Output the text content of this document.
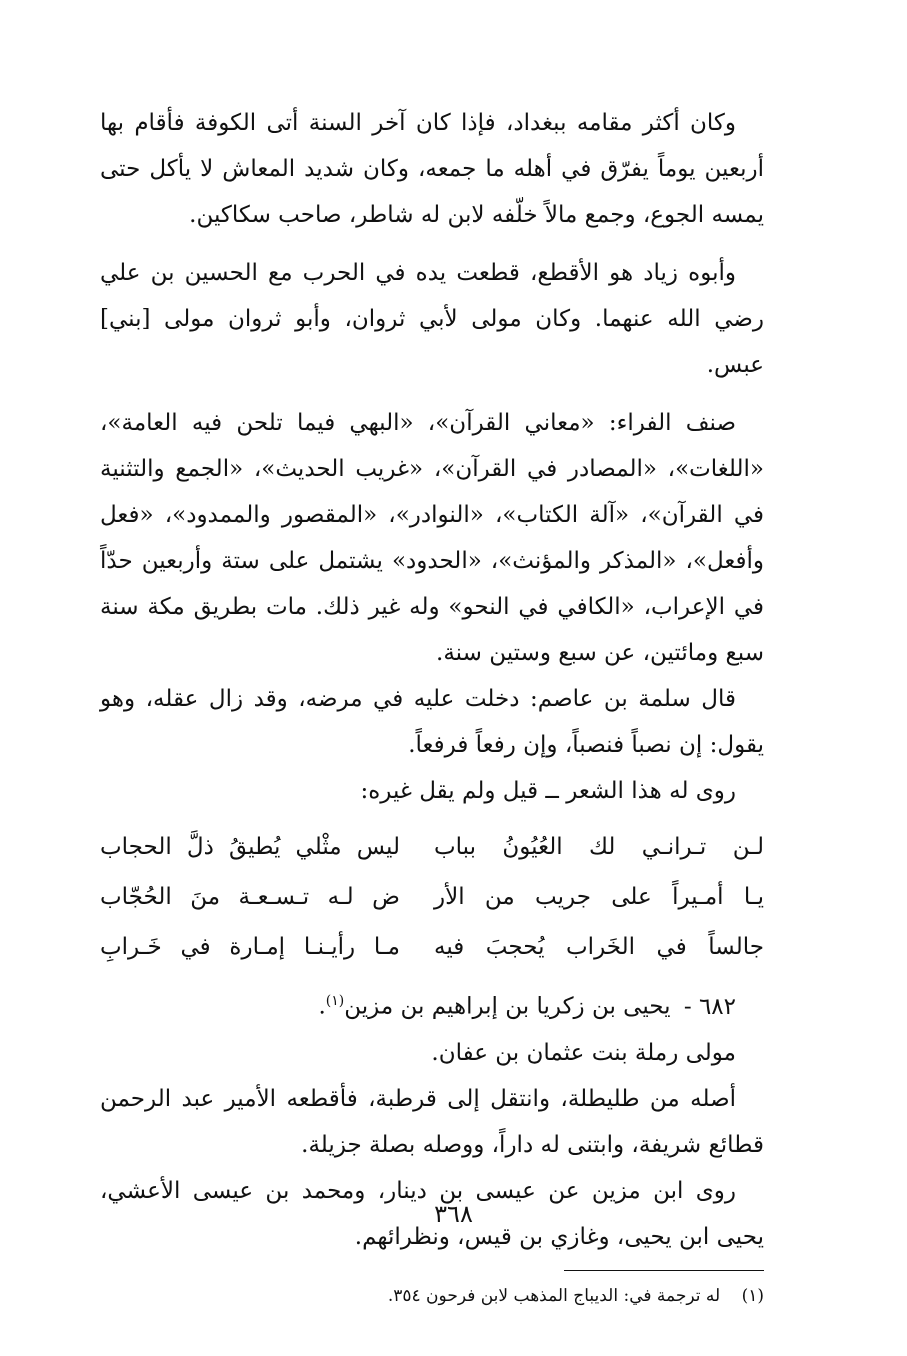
وكان أكثر مقامه ببغداد، فإذا كان آخر السنة أتى الكوفة فأقام بها أربعين يوماً يفرّق في أهله ما جمعه، وكان شديد المعاش لا يأكل حتى يمسه الجوع، وجمع مالاً خلّفه لابن له شاطر، صاحب سكاكين.

وأبوه زياد هو الأقطع، قطعت يده في الحرب مع الحسين بن علي رضي الله عنهما. وكان مولى لأبي ثروان، وأبو ثروان مولى [بني] عبس.

صنف الفراء: «معاني القرآن»، «البهي فيما تلحن فيه العامة»، «اللغات»، «المصادر في القرآن»، «غريب الحديث»، «الجمع والتثنية في القرآن»، «آلة الكتاب»، «النوادر»، «المقصور والممدود»، «فعل وأفعل»، «المذكر والمؤنث»، «الحدود» يشتمل على ستة وأربعين حدّاً في الإعراب، «الكافي في النحو» وله غير ذلك. مات بطريق مكة سنة سبع ومائتين، عن سبع وستين سنة.

قال سلمة بن عاصم: دخلت عليه في مرضه، وقد زال عقله، وهو يقول: إن نصباً فنصباً، وإن رفعاً فرفعاً.

روى له هذا الشعر ــ قيل ولم يقل غيره:

لـن تـرانـي لك العُيُونُ بباب
ليس مثْلي يُطيقُ ذلَّ الحجاب
يـا أمـيراً على جريب من الأر
ض لـه تـسـعـة منَ الحُجّاب
جالساً في الخَراب يُحجبَ فيه
مـا رأيـنـا إمـارة في خَـرابِ
٦٨٢ - يحيى بن زكريا بن إبراهيم بن مزين$^{(١)}$.

مولى رملة بنت عثمان بن عفان.

أصله من طليطلة، وانتقل إلى قرطبة، فأقطعه الأمير عبد الرحمن قطائع شريفة، وابتنى له داراً، ووصله بصلة جزيلة.

روى ابن مزين عن عيسى بن دينار، ومحمد بن عيسى الأعشي، يحيى ابن يحيى، وغازي بن قيس، ونظرائهم.

(١) له ترجمة في: الديباج المذهب لابن فرحون ٣٥٤.
٣٦٨
